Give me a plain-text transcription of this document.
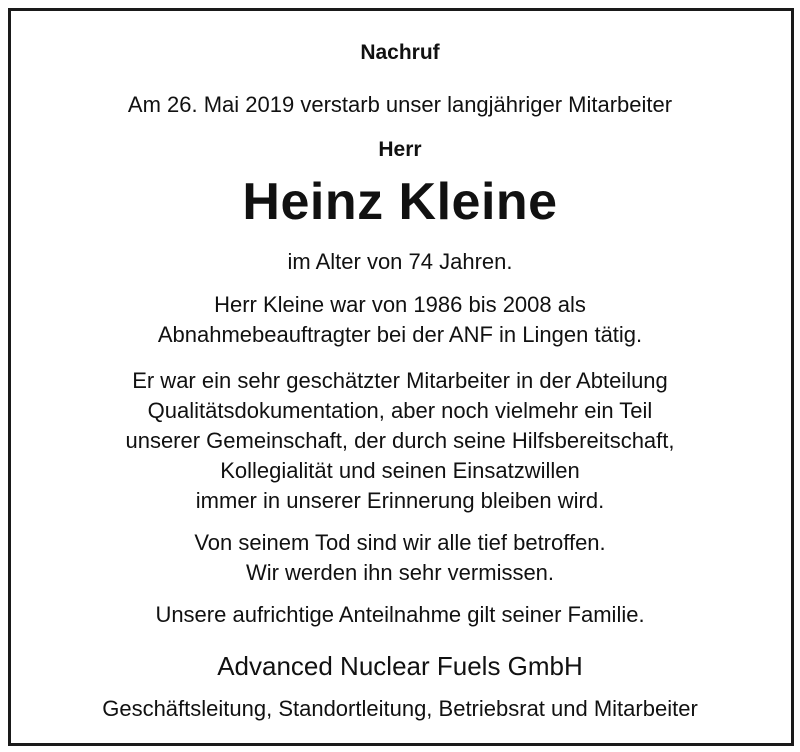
Nachruf
Am 26. Mai 2019 verstarb unser langjähriger Mitarbeiter
Herr
Heinz Kleine
im Alter von 74 Jahren.
Herr Kleine war von 1986 bis 2008 als
Abnahmebeauftragter bei der ANF in Lingen tätig.
Er war ein sehr geschätzter Mitarbeiter in der Abteilung
Qualitätsdokumentation, aber noch vielmehr ein Teil
unserer Gemeinschaft, der durch seine Hilfsbereitschaft,
Kollegialität und seinen Einsatzwillen
immer in unserer Erinnerung bleiben wird.
Von seinem Tod sind wir alle tief betroffen.
Wir werden ihn sehr vermissen.
Unsere aufrichtige Anteilnahme gilt seiner Familie.
Advanced Nuclear Fuels GmbH
Geschäftsleitung, Standortleitung, Betriebsrat und Mitarbeiter
